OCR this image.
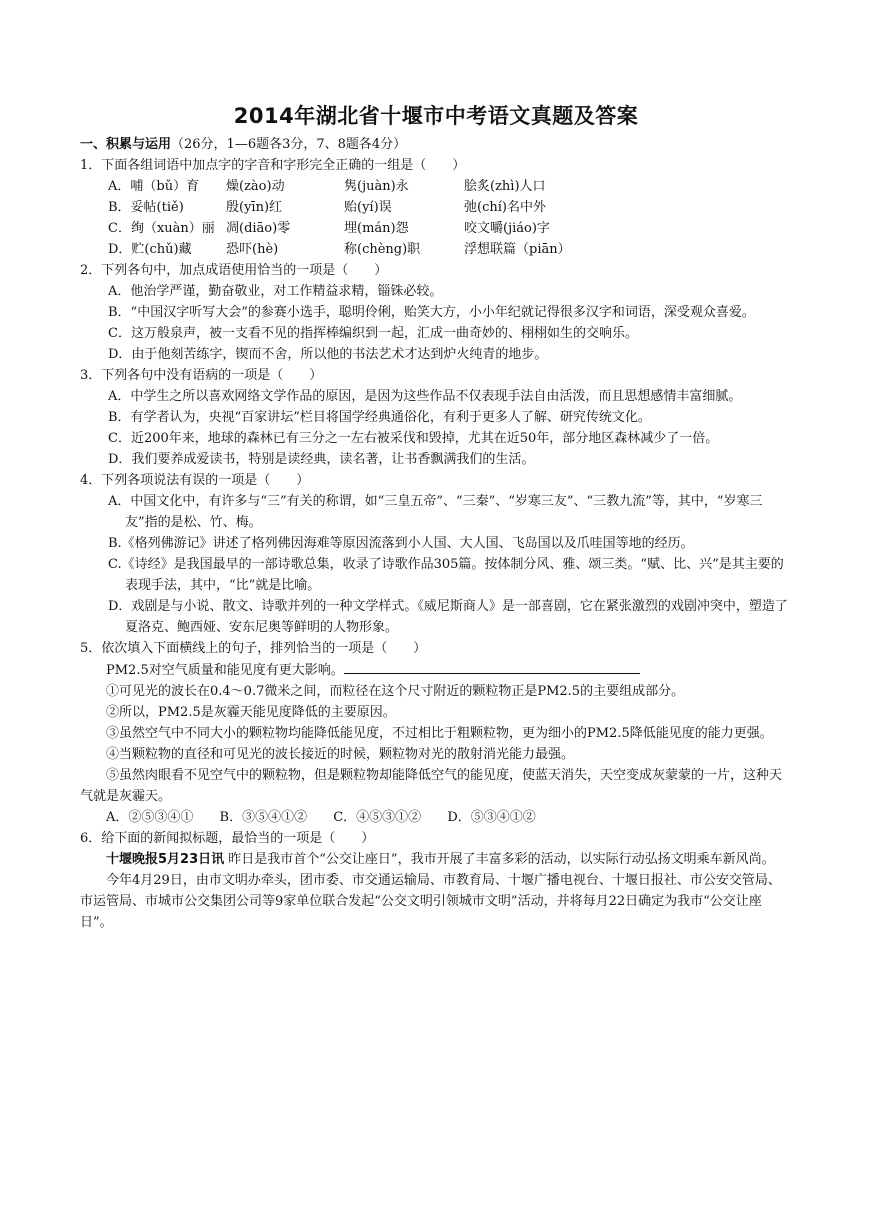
2014年湖北省十堰市中考语文真题及答案
一、积累与运用（26分，1—6题各3分，7、8题各4分）
1．下面各组词语中加点字的字音和字形完全正确的一组是（　　）
A．哺（bǔ）育	燥(zào)动	隽(juàn)永	脍炙(zhì)人口
B．妥帖(tiě)	殷(yīn)红	贻(yí)误	弛(chí)名中外
C．绚（xuàn）丽 凋(diāo)零	埋(mán)怨	咬文嚼(jiáo)字
D．贮(chǔ)藏	恐吓(hè)	称(chèng)职	浮想联篇（piān）
2．下列各句中，加点成语使用恰当的一项是（　　）
A．他治学严谨，勤奋敬业，对工作精益求精，锱铢必较。
B．“中国汉字听写大会”的参赛小选手，聪明伶俐，贻笑大方，小小年纪就记得很多汉字和词语，深受观众喜爱。
C．这万般泉声，被一支看不见的指挥棒编织到一起，汇成一曲奇妙的、栩栩如生的交响乐。
D．由于他刻苦练字，锲而不舍，所以他的书法艺术才达到炉火纯青的地步。
3．下列各句中没有语病的一项是（　　）
A．中学生之所以喜欢网络文学作品的原因，是因为这些作品不仅表现手法自由活泼，而且思想感情丰富细腻。
B．有学者认为，央视“百家讲坛”栏目将国学经典通俗化，有利于更多人了解、研究传统文化。
C．近200年来，地球的森林已有三分之一左右被采伐和毁掉，尤其在近50年，部分地区森林减少了一倍。
D．我们要养成爱读书，特别是读经典，读名著，让书香飘满我们的生活。
4．下列各项说法有误的一项是（　　）
A．中国文化中，有许多与“三”有关的称谓，如“三皇五帝”、“三秦”、“岁寒三友”、“三教九流”等，其中，“岁寒三友”指的是松、竹、梅。
B.《格列佛游记》讲述了格列佛因海难等原因流落到小人国、大人国、飞岛国以及爪哇国等地的经历。
C.《诗经》是我国最早的一部诗歌总集，收录了诗歌作品305篇。按体制分风、雅、颂三类。“赋、比、兴”是其主要的表现手法，其中，“比”就是比喻。
D．戏剧是与小说、散文、诗歌并列的一种文学样式。《威尼斯商人》是一部喜剧，它在紧张激烈的戏剧冲突中，塑造了夏洛克、鲍西娅、安东尼奥等鲜明的人物形象。
5．依次填入下面横线上的句子，排列恰当的一项是（　　）
PM2.5对空气质量和能见度有更大影响。
①可见光的波长在0.4～0.7微米之间，而粒径在这个尺寸附近的颗粒物正是PM2.5的主要组成部分。
②所以，PM2.5是灰霾天能见度降低的主要原因。
③虽然空气中不同大小的颗粒物均能降低能见度，不过相比于粗颗粒物，更为细小的PM2.5降低能见度的能力更强。
④当颗粒物的直径和可见光的波长接近的时候，颗粒物对光的散射消光能力最强。
⑤虽然肉眼看不见空气中的颗粒物，但是颗粒物却能降低空气的能见度，使蓝天消失，天空变成灰蒙蒙的一片，这种天气就是灰霾天。
A．②⑤③④① B．③⑤④①② C．④⑤③①② D．⑤③④①②
6．给下面的新闻拟标题，最恰当的一项是（　　）
十堰晚报5月23日讯 昨日是我市首个“公交让座日”，我市开展了丰富多彩的活动，以实际行动弘扬文明乘车新风尚。
今年4月29日，由市文明办牵头，团市委、市交通运输局、市教育局、十堰广播电视台、十堰日报社、市公安交管局、市运管局、市城市公交集团公司等9家单位联合发起“公交文明引领城市文明”活动，并将每月22日确定为我市“公交让座日”。
